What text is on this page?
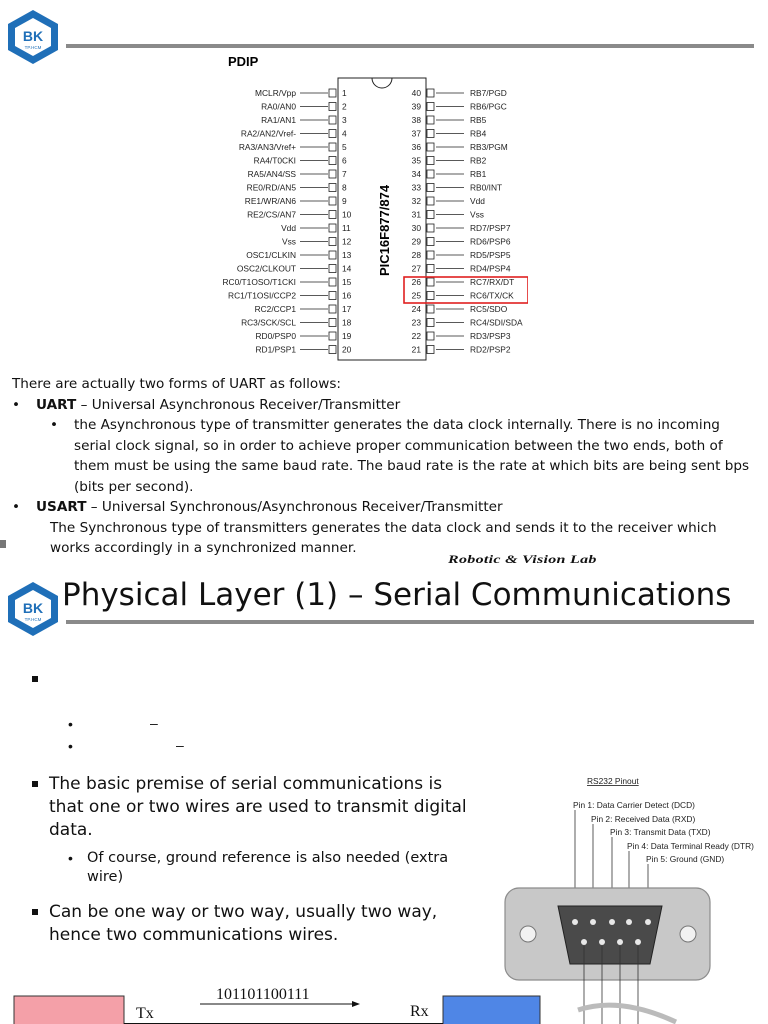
BK
TP.HCM
PDIP
PIC16F877/874
MCLR/Vpp	1
RA0/AN0	2
RA1/AN1	3
RA2/AN2/Vref-	4
RA3/AN3/Vref+	5
RA4/T0CKI	6
RA5/AN4/SS	7
RE0/RD/AN5	8
RE1/WR/AN6	9
RE2/CS/AN7	10
Vdd	11
Vss	12
OSC1/CLKIN	13
OSC2/CLKOUT	14
RC0/T1OSO/T1CKI	15
RC1/T1OSI/CCP2	16
RC2/CCP1	17
RC3/SCK/SCL	18
RD0/PSP0	19
RD1/PSP1	20
40	RB7/PGD
39	RB6/PGC
38	RB5
37	RB4
36	RB3/PGM
35	RB2
34	RB1
33	RB0/INT
32	Vdd
31	Vss
30	RD7/PSP7
29	RD6/PSP6
28	RD5/PSP5
27	RD4/PSP4
26	RC7/RX/DT
25	RC6/TX/CK
24	RC5/SDO
23	RC4/SDI/SDA
22	RD3/PSP3
21	RD2/PSP2
There are actually two forms of UART as follows:
• UART – Universal Asynchronous Receiver/Transmitter
• the Asynchronous type of transmitter generates the data clock internally. There is no incoming
serial clock signal, so in order to achieve proper communication between the two ends, both of
them must be using the same baud rate. The baud rate is the rate at which bits are being sent bps
(bits per second).
• USART – Universal Synchronous/Asynchronous Receiver/Transmitter
The Synchronous type of transmitters generates the data clock and sends it to the receiver which
works accordingly in a synchronized manner.
Robotic & Vision Lab
BK
TP.HCM
Physical Layer (1) – Serial Communications
•	–
•	–
The basic premise of serial communications is
that one or two wires are used to transmit digital
data.
• Of course, ground reference is also needed (extra
wire)
Can be one way or two way, usually two way,
hence two communications wires.
RS232 Pinout
Pin 1: Data Carrier Detect (DCD)
Pin 2: Received Data (RXD)
Pin 3: Transmit Data (TXD)
Pin 4: Data Terminal Ready (DTR)
Pin 5: Ground (GND)
101101100111
Tx	Rx
